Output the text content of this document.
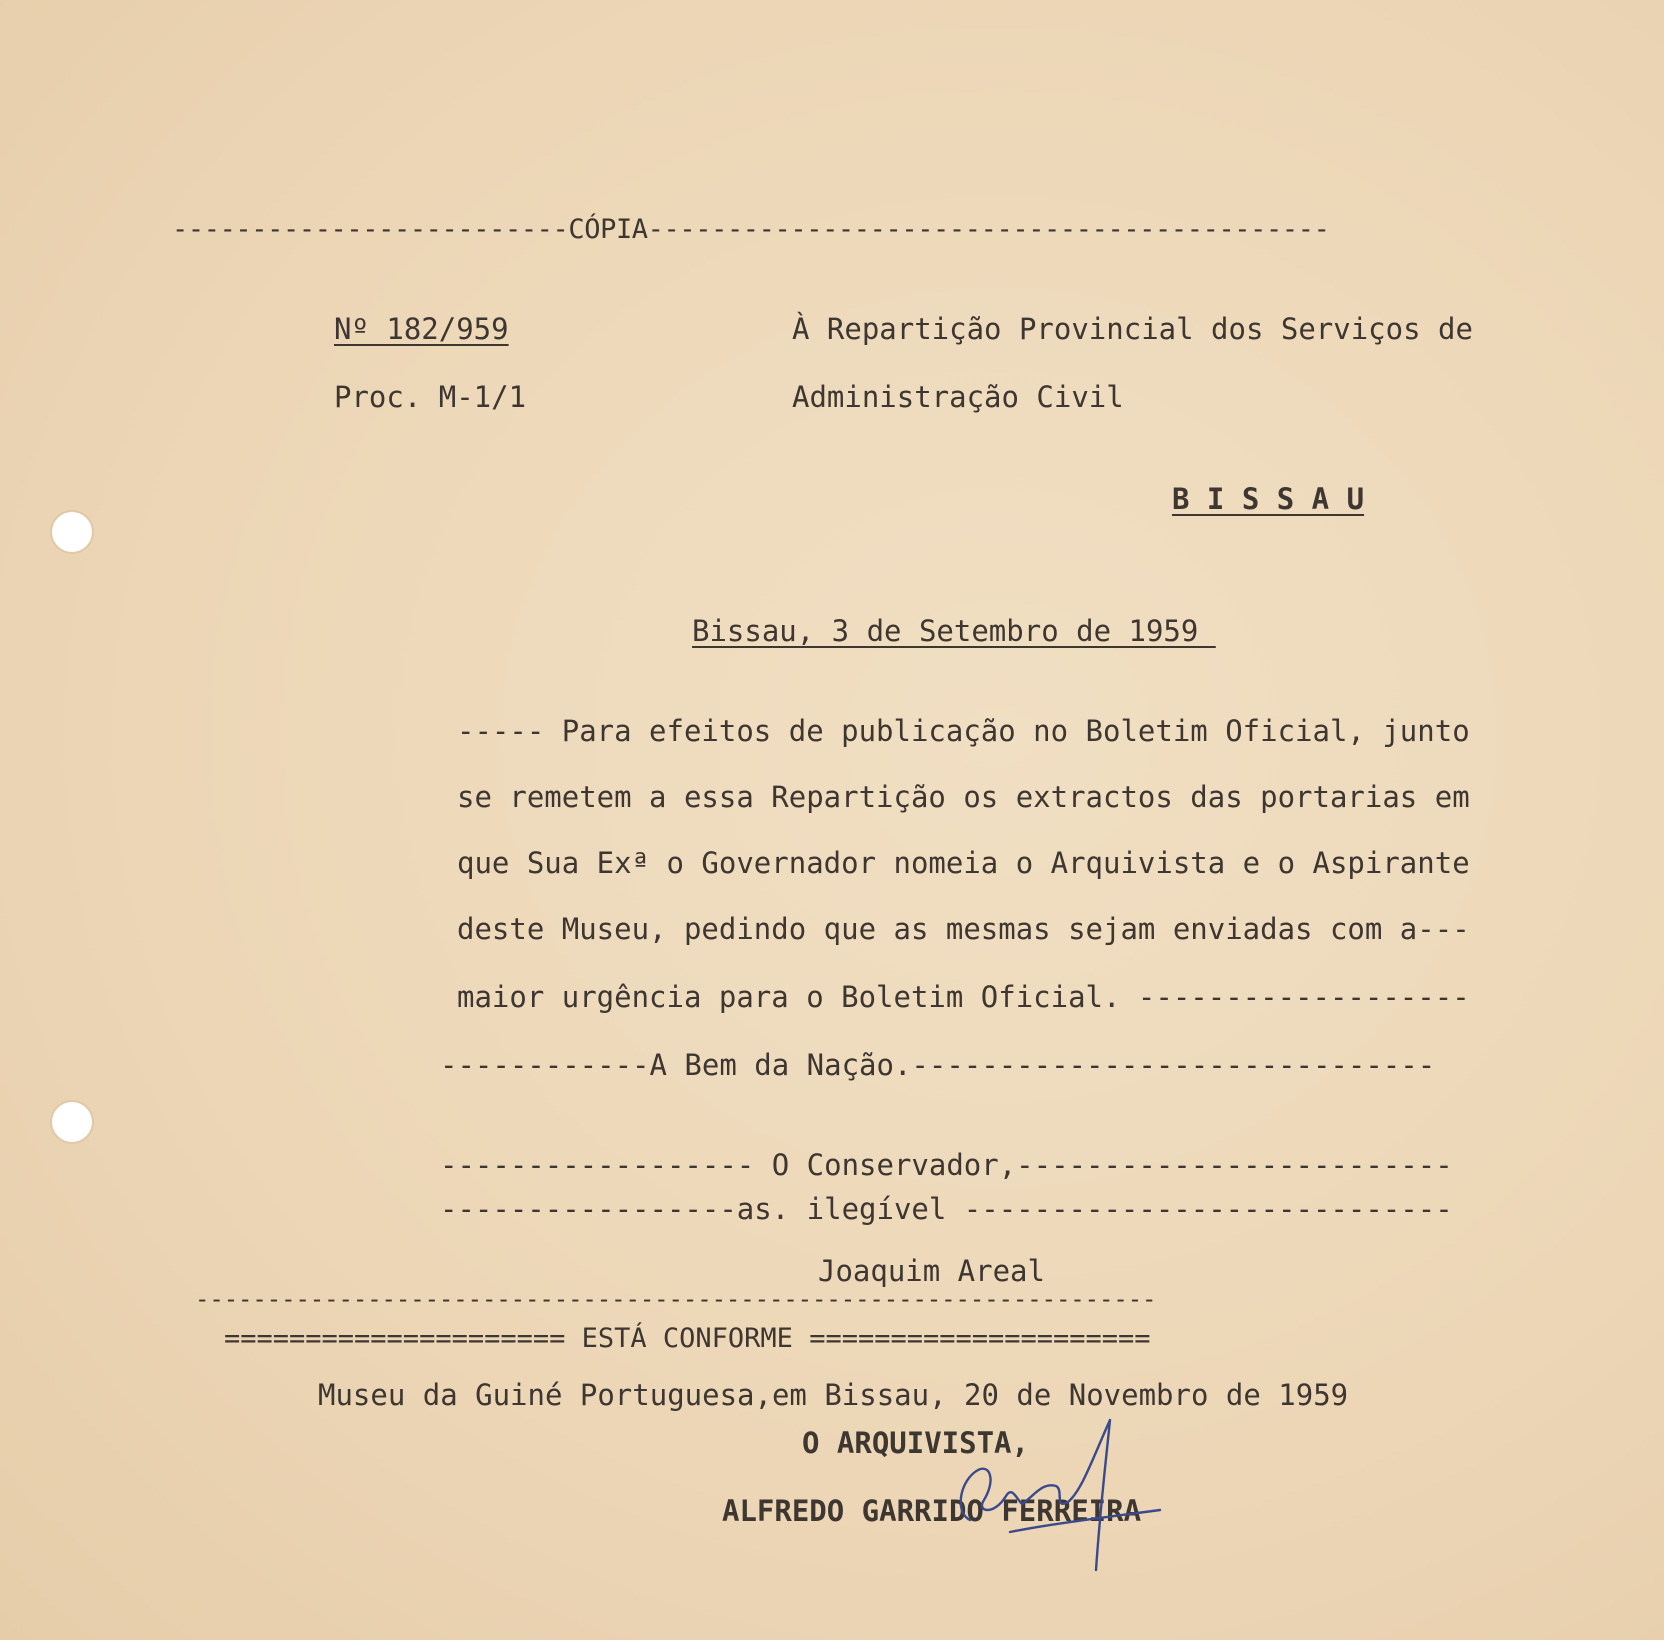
-------------------------CÓPIA-------------------------------------------
Nº 182/959
Proc. M-1/1
À Repartição Provincial dos Serviços de
Administração Civil
B I S S A U
Bissau, 3 de Setembro de 1959
----- Para efeitos de publicação no Boletim Oficial, junto
se remetem a essa Repartição os extractos das portarias em
que Sua Exª o Governador nomeia o Arquivista e o Aspirante
deste Museu, pedindo que as mesmas sejam enviadas com a---
maior urgência para o Boletim Oficial. -------------------
------------A Bem da Nação.------------------------------
------------------ O Conservador,-------------------------
-----------------as. ilegível ----------------------------
Joaquim Areal
-------------------------------------------------------------------
===================== ESTÁ CONFORME =====================
Museu da Guiné Portuguesa,em Bissau, 20 de Novembro de 1959
O ARQUIVISTA,
ALFREDO GARRIDO FERREIRA
